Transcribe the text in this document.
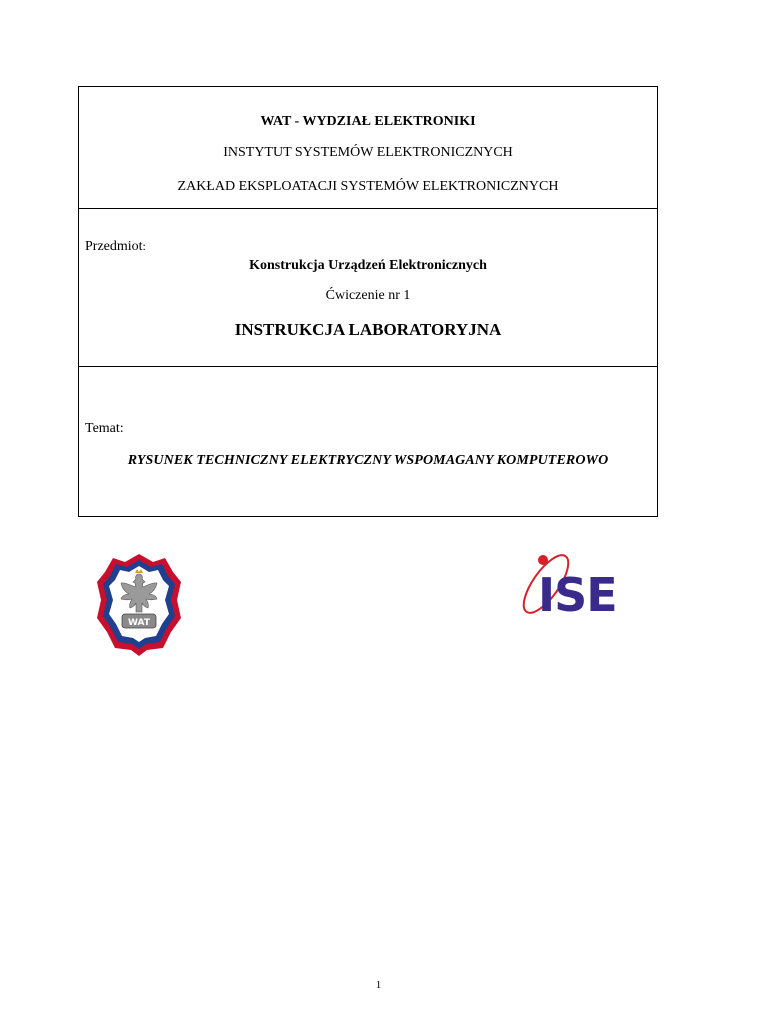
WAT - WYDZIAŁ ELEKTRONIKI
INSTYTUT SYSTEMÓW ELEKTRONICZNYCH
ZAKŁAD EKSPLOATACJI SYSTEMÓW ELEKTRONICZNYCH
Przedmiot:
Konstrukcja Urządzeń Elektronicznych
Ćwiczenie nr 1
INSTRUKCJA LABORATORYJNA
Temat:
RYSUNEK TECHNICZNY ELEKTRYCZNY WSPOMAGANY KOMPUTEROWO
WAT
ISE
1
